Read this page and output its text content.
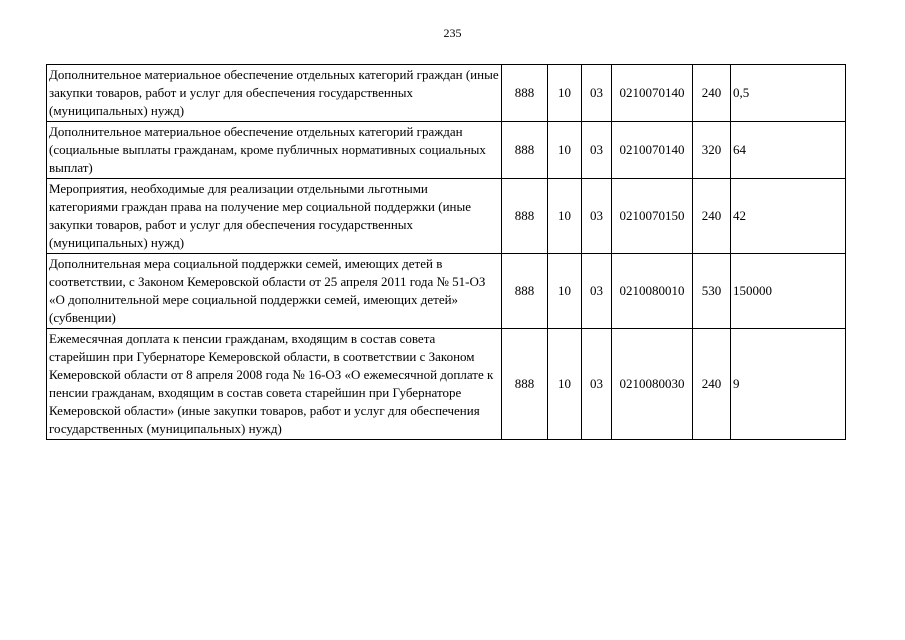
235
Дополнительное материальное обеспечение отдельных категорий граждан (иные закупки товаров, работ и услуг для обеспечения государственных (муниципальных) нужд)	888	10	03	0210070140	240	0,5
Дополнительное материальное обеспечение отдельных категорий граждан (социальные выплаты гражданам, кроме публичных нормативных социальных выплат)	888	10	03	0210070140	320	64
Мероприятия, необходимые для реализации отдельными льготными категориями граждан права на получение мер социальной поддержки (иные закупки товаров, работ и услуг для обеспечения государственных (муниципальных) нужд)	888	10	03	0210070150	240	42
Дополнительная мера социальной поддержки семей, имеющих детей в соответствии, с Законом Кемеровской области от 25 апреля 2011 года № 51-ОЗ «О дополнительной мере социальной поддержки семей, имеющих детей» (субвенции)	888	10	03	0210080010	530	150000
Ежемесячная доплата к пенсии гражданам, входящим в состав совета старейшин при Губернаторе Кемеровской области, в соответствии с Законом Кемеровской области от 8 апреля 2008 года № 16-ОЗ «О ежемесячной доплате к пенсии гражданам, входящим в состав совета старейшин при Губернаторе Кемеровской области» (иные закупки товаров, работ и услуг для обеспечения государственных (муниципальных) нужд)	888	10	03	0210080030	240	9
